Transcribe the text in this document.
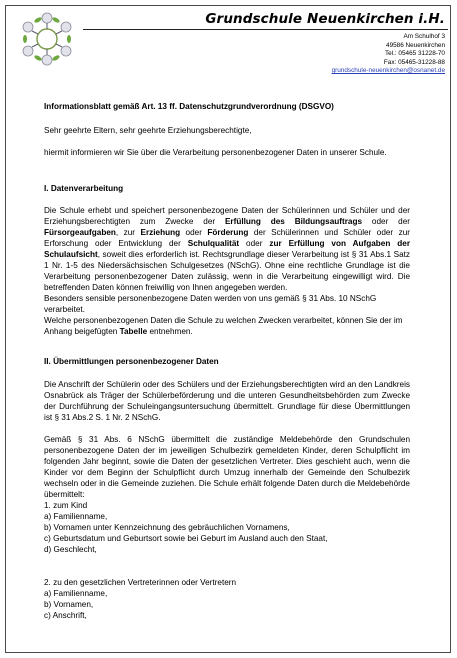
Grundschule Neuenkirchen i.H.
Am Schulhof 3
49586 Neuenkirchen
Tel.: 05465 31228-70
Fax: 05465-31228-88
grundschule-neuenkirchen@osnanet.de

Informationsblatt gemäß Art. 13 ff. Datenschutzgrundverordnung (DSGVO)

Sehr geehrte Eltern, sehr geehrte Erziehungsberechtigte,

hiermit informieren wir Sie über die Verarbeitung personenbezogener Daten in unserer Schule.

I. Datenverarbeitung

Die Schule erhebt und speichert personenbezogene Daten der Schülerinnen und Schüler und der Erziehungsberechtigten zum Zwecke der Erfüllung des Bildungsauftrags oder der Fürsorgeaufgaben, zur Erziehung oder Förderung der Schülerinnen und Schüler oder zur Erforschung oder Entwicklung der Schulqualität oder zur Erfüllung von Aufgaben der Schulaufsicht, soweit dies erforderlich ist. Rechtsgrundlage dieser Verarbeitung ist § 31 Abs.1 Satz 1 Nr. 1-5 des Niedersächsischen Schulgesetzes (NSchG). Ohne eine rechtliche Grundlage ist die Verarbeitung personenbezogener Daten zulässig, wenn in die Verarbeitung eingewilligt wird. Die betreffenden Daten können freiwillig von Ihnen angegeben werden.

Besonders sensible personenbezogene Daten werden von uns gemäß § 31 Abs. 10 NSchG verarbeitet.

Welche personenbezogenen Daten die Schule zu welchen Zwecken verarbeitet, können Sie der im Anhang beigefügten Tabelle entnehmen.

II. Übermittlungen personenbezogener Daten

Die Anschrift der Schülerin oder des Schülers und der Erziehungsberechtigten wird an den Landkreis Osnabrück als Träger der Schülerbeförderung und die unteren Gesundheitsbehörden zum Zwecke der Durchführung der Schuleingangsuntersuchung übermittelt. Grundlage für diese Übermittlungen ist § 31 Abs.2 S. 1 Nr. 2 NSchG.

Gemäß § 31 Abs. 6 NSchG übermittelt die zuständige Meldebehörde den Grundschulen personenbezogene Daten der im jeweiligen Schulbezirk gemeldeten Kinder, deren Schulpflicht im folgenden Jahr beginnt, sowie die Daten der gesetzlichen Vertreter. Dies geschieht auch, wenn die Kinder vor dem Beginn der Schulpflicht durch Umzug innerhalb der Gemeinde den Schulbezirk wechseln oder in die Gemeinde zuziehen. Die Schule erhält folgende Daten durch die Meldebehörde übermittelt:

1. zum Kind

a) Familienname,

b) Vornamen unter Kennzeichnung des gebräuchlichen Vornamens,

c) Geburtsdatum und Geburtsort sowie bei Geburt im Ausland auch den Staat,

d) Geschlecht,

2. zu den gesetzlichen Vertreterinnen oder Vertretern

a) Familienname,

b) Vornamen,

c) Anschrift,
